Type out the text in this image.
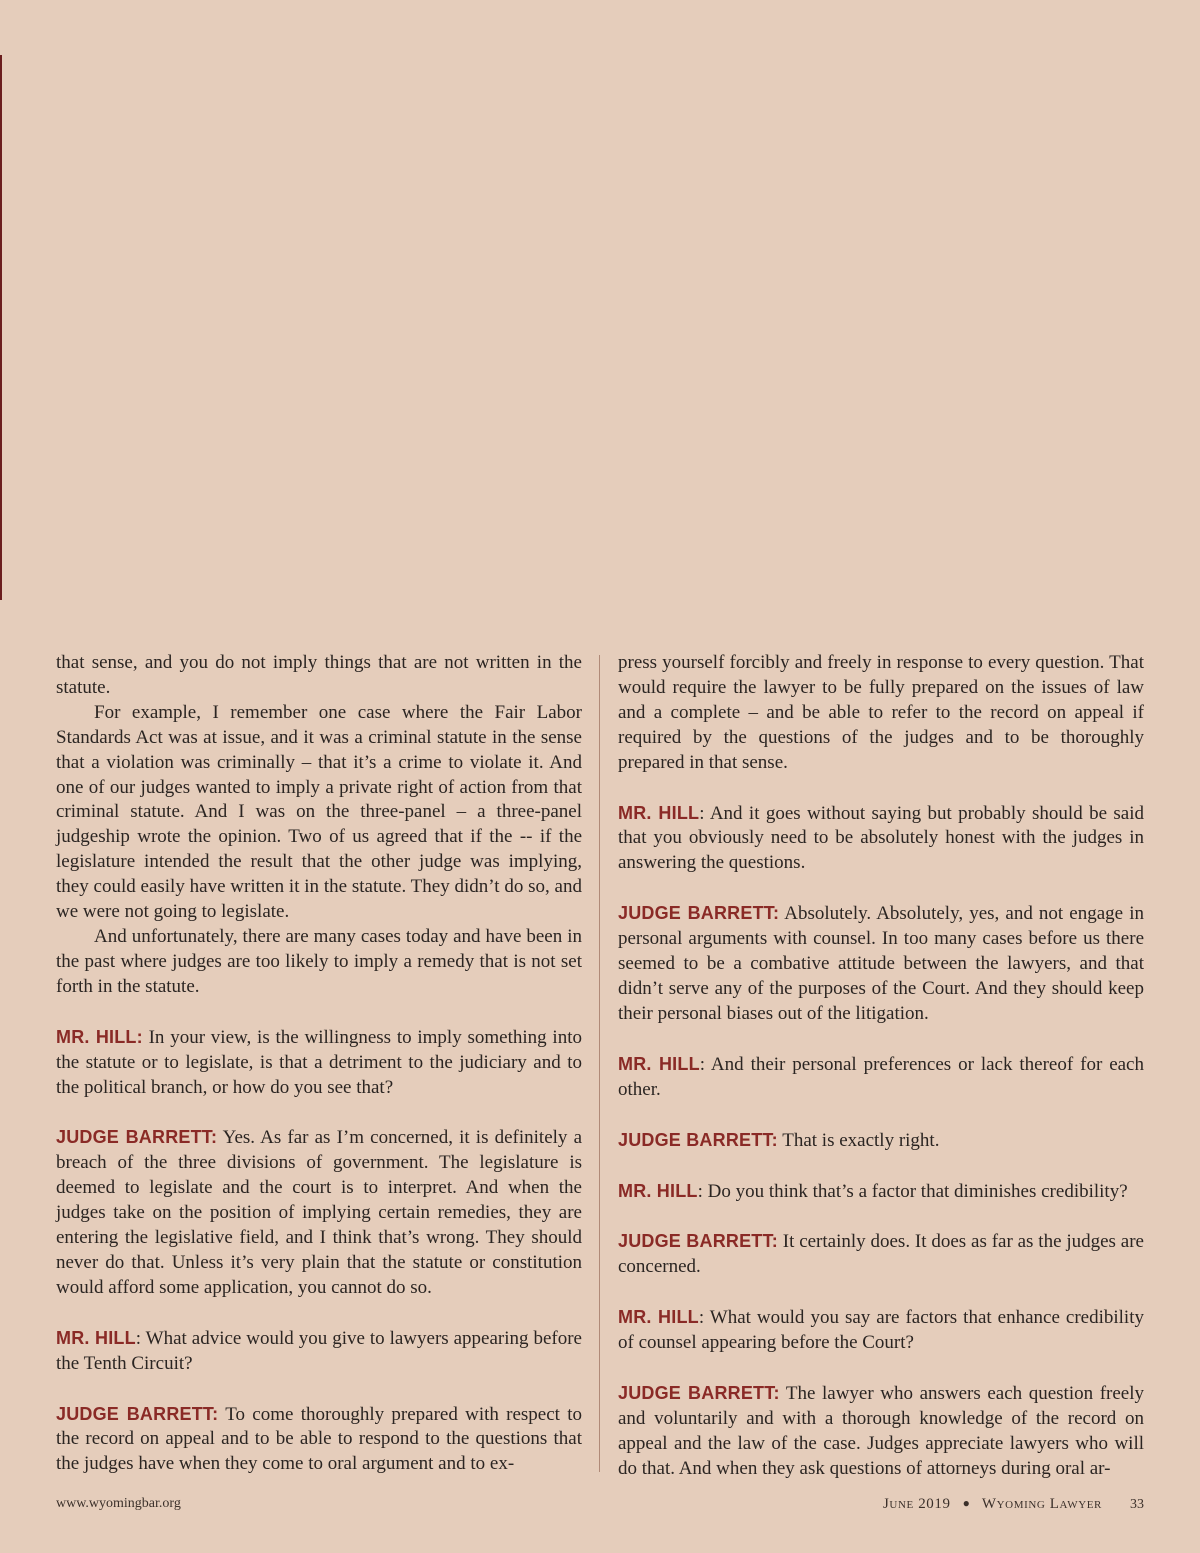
that sense, and you do not imply things that are not written in the statute.

For example, I remember one case where the Fair Labor Standards Act was at issue, and it was a criminal statute in the sense that a violation was criminally – that it’s a crime to violate it. And one of our judges wanted to imply a private right of action from that criminal statute. And I was on the three-panel – a three-panel judgeship wrote the opinion. Two of us agreed that if the -- if the legislature intended the result that the other judge was implying, they could easily have written it in the statute. They didn’t do so, and we were not going to legislate.

And unfortunately, there are many cases today and have been in the past where judges are too likely to imply a remedy that is not set forth in the statute.

MR. HILL: In your view, is the willingness to imply something into the statute or to legislate, is that a detriment to the judiciary and to the political branch, or how do you see that?

JUDGE BARRETT: Yes. As far as I’m concerned, it is definitely a breach of the three divisions of government. The legislature is deemed to legislate and the court is to interpret. And when the judges take on the position of implying certain remedies, they are entering the legislative field, and I think that’s wrong. They should never do that. Unless it’s very plain that the statute or constitution would afford some application, you cannot do so.

MR. HILL: What advice would you give to lawyers appearing before the Tenth Circuit?

JUDGE BARRETT: To come thoroughly prepared with respect to the record on appeal and to be able to respond to the questions that the judges have when they come to oral argument and to ex-

press yourself forcibly and freely in response to every question. That would require the lawyer to be fully prepared on the issues of law and a complete – and be able to refer to the record on appeal if required by the questions of the judges and to be thoroughly prepared in that sense.

MR. HILL: And it goes without saying but probably should be said that you obviously need to be absolutely honest with the judges in answering the questions.

JUDGE BARRETT: Absolutely. Absolutely, yes, and not engage in personal arguments with counsel. In too many cases before us there seemed to be a combative attitude between the lawyers, and that didn’t serve any of the purposes of the Court. And they should keep their personal biases out of the litigation.

MR. HILL: And their personal preferences or lack thereof for each other.

JUDGE BARRETT: That is exactly right.

MR. HILL: Do you think that’s a factor that diminishes credibility?

JUDGE BARRETT: It certainly does. It does as far as the judges are concerned.

MR. HILL: What would you say are factors that enhance credibility of counsel appearing before the Court?

JUDGE BARRETT: The lawyer who answers each question freely and voluntarily and with a thorough knowledge of the record on appeal and the law of the case. Judges appreciate lawyers who will do that. And when they ask questions of attorneys during oral ar-

www.wyomingbar.org	June 2019 ● Wyoming Lawyer 33
